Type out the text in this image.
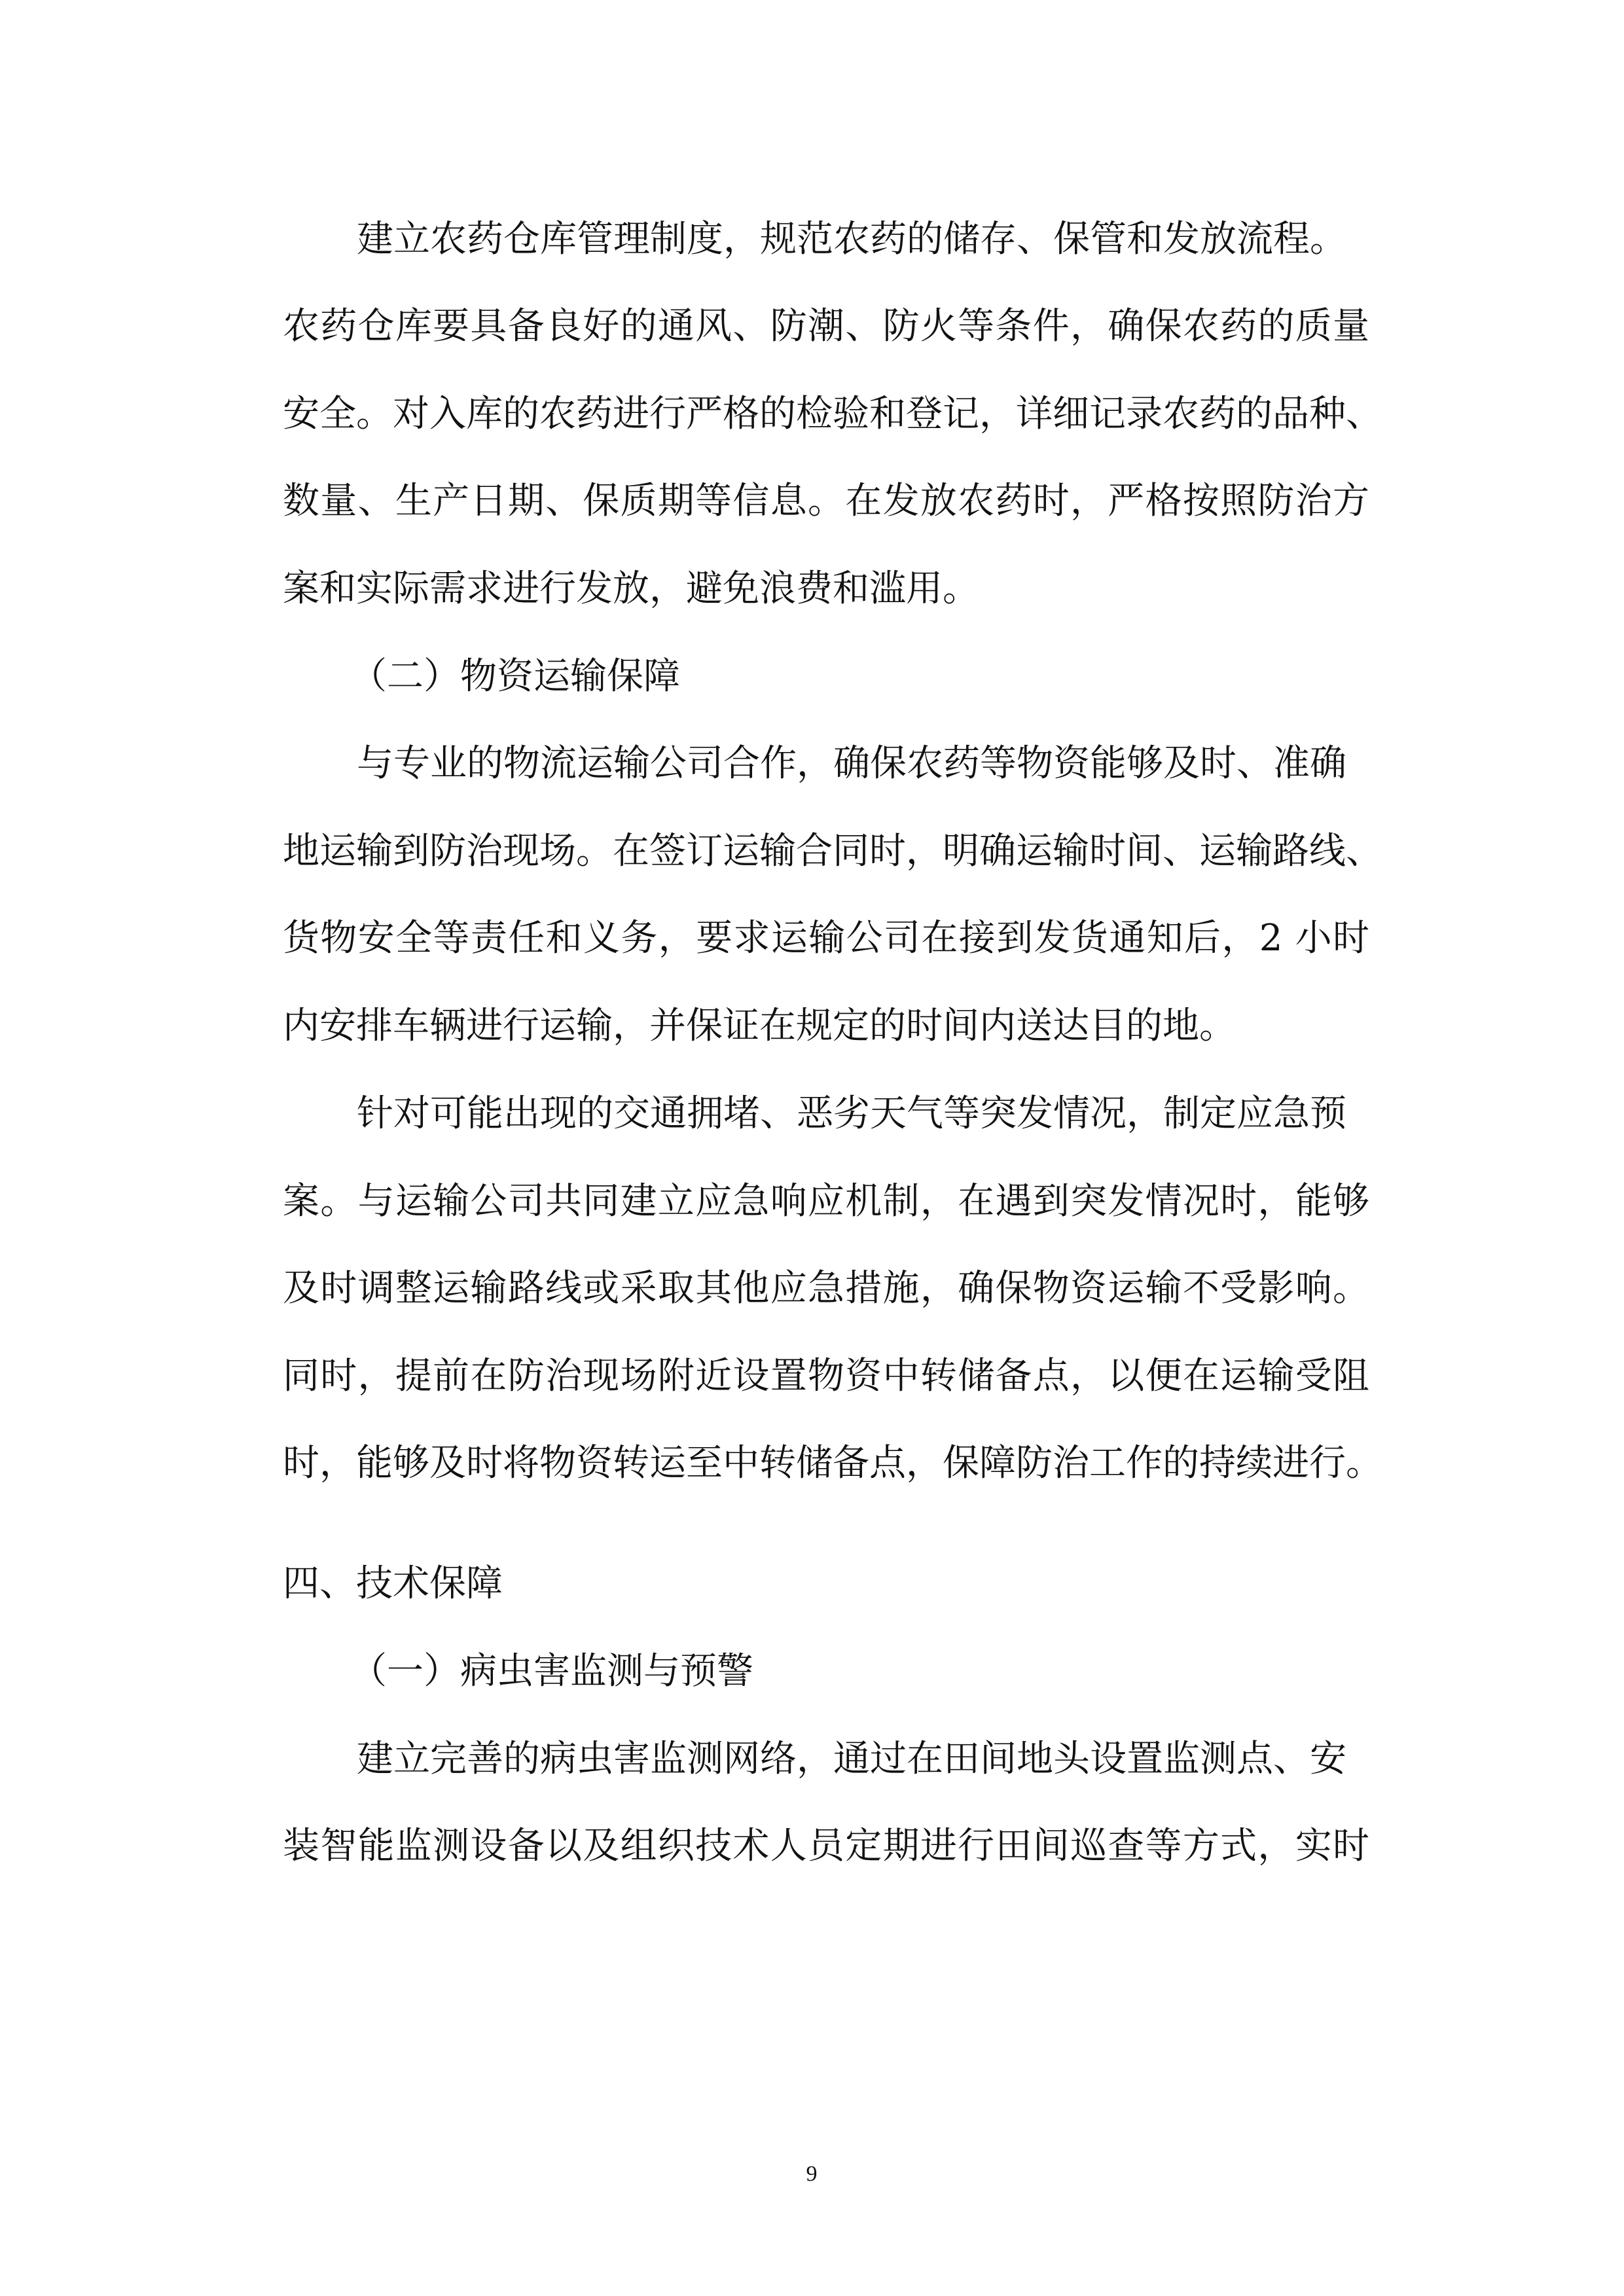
建立农药仓库管理制度，规范农药的储存、保管和发放流程。
农药仓库要具备良好的通风、防潮、防火等条件，确保农药的质量
安全。对入库的农药进行严格的检验和登记，详细记录农药的品种、
数量、生产日期、保质期等信息。在发放农药时，严格按照防治方
案和实际需求进行发放，避免浪费和滥用。
（二）物资运输保障
与专业的物流运输公司合作，确保农药等物资能够及时、准确
地运输到防治现场。在签订运输合同时，明确运输时间、运输路线、
货物安全等责任和义务，要求运输公司在接到发货通知后，2 小时
内安排车辆进行运输，并保证在规定的时间内送达目的地。
针对可能出现的交通拥堵、恶劣天气等突发情况，制定应急预
案。与运输公司共同建立应急响应机制，在遇到突发情况时，能够
及时调整运输路线或采取其他应急措施，确保物资运输不受影响。
同时，提前在防治现场附近设置物资中转储备点，以便在运输受阻
时，能够及时将物资转运至中转储备点，保障防治工作的持续进行。
四、技术保障
（一）病虫害监测与预警
建立完善的病虫害监测网络，通过在田间地头设置监测点、安
装智能监测设备以及组织技术人员定期进行田间巡查等方式，实时
9
